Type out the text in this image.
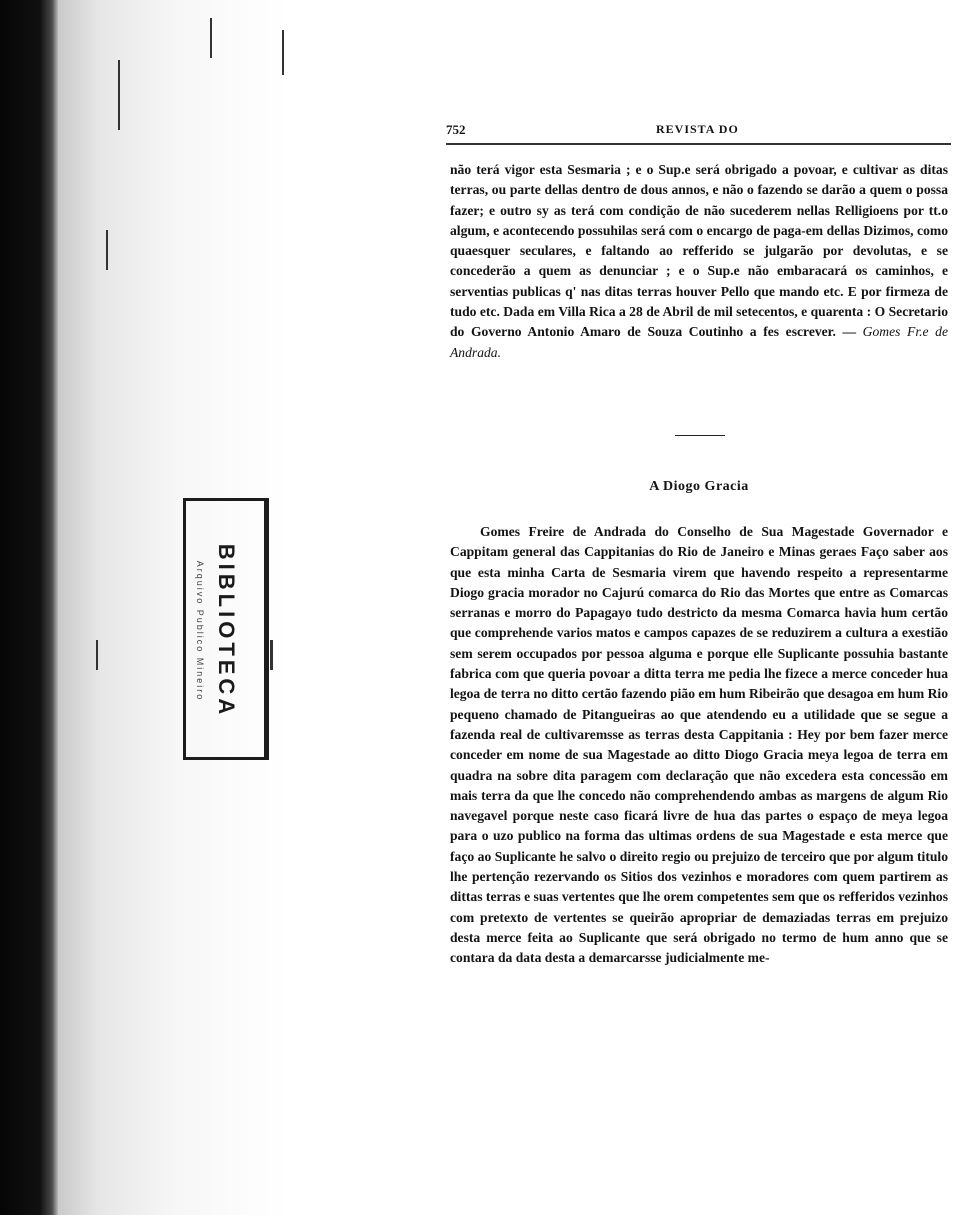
Arquivo Publico Mineiro BIBLIOTECA
752	REVISTA DO
não terá vigor esta Sesmaria ; e o Sup.e será obrigado a povoar, e cultivar as ditas terras, ou parte dellas dentro de dous annos, e não o fazendo se darão a quem o possa fazer; e outro sy as terá com condição de não sucederem nellas Relligioens por tt.o algum, e acontecendo possuhilas será com o encargo de paga-em dellas Dizimos, como quaesquer seculares, e faltando ao refferido se julgarão por devolutas, e se concederão a quem as denunciar ; e o Sup.e não embaracará os caminhos, e serventias publicas q' nas ditas terras houver Pello que mando etc. E por firmeza de tudo etc. Dada em Villa Rica a 28 de Abril de mil setecentos, e quarenta : O Secretario do Governo Antonio Amaro de Souza Coutinho a fes escrever. — Gomes Fr.e de Andrada.
A Diogo Gracia
Gomes Freire de Andrada do Conselho de Sua Magestade Governador e Cappitam general das Cappitanias do Rio de Janeiro e Minas geraes Faço saber aos que esta minha Carta de Sesmaria virem que havendo respeito a representarme Diogo gracia morador no Cajurú comarca do Rio das Mortes que entre as Comarcas serranas e morro do Papagayo tudo destricto da mesma Comarca havia hum certão que comprehende varios matos e campos capazes de se reduzirem a cultura a exestião sem serem occupados por pessoa alguma e porque elle Suplicante possuhia bastante fabrica com que queria povoar a ditta terra me pedia lhe fizece a merce conceder hua legoa de terra no ditto certão fazendo pião em hum Ribeirão que desagoa em hum Rio pequeno chamado de Pitangueiras ao que atendendo eu a utilidade que se segue a fazenda real de cultivaremsse as terras desta Cappitania : Hey por bem fazer merce conceder em nome de sua Magestade ao ditto Diogo Gracia meya legoa de terra em quadra na sobre dita paragem com declaração que não excedera esta concessão em mais terra da que lhe concedo não comprehendendo ambas as margens de algum Rio navegavel porque neste caso ficará livre de hua das partes o espaço de meya legoa para o uzo publico na forma das ultimas ordens de sua Magestade e esta merce que faço ao Suplicante he salvo o direito regio ou prejuizo de terceiro que por algum titulo lhe pertenção rezervando os Sitios dos vezinhos e moradores com quem partirem as dittas terras e suas vertentes que lhe orem competentes sem que os refferidos vezinhos com pretexto de vertentes se queirão apropriar de demaziadas terras em prejuizo desta merce feita ao Suplicante que será obrigado no termo de hum anno que se contara da data desta a demarcarsse judicialmente me-
